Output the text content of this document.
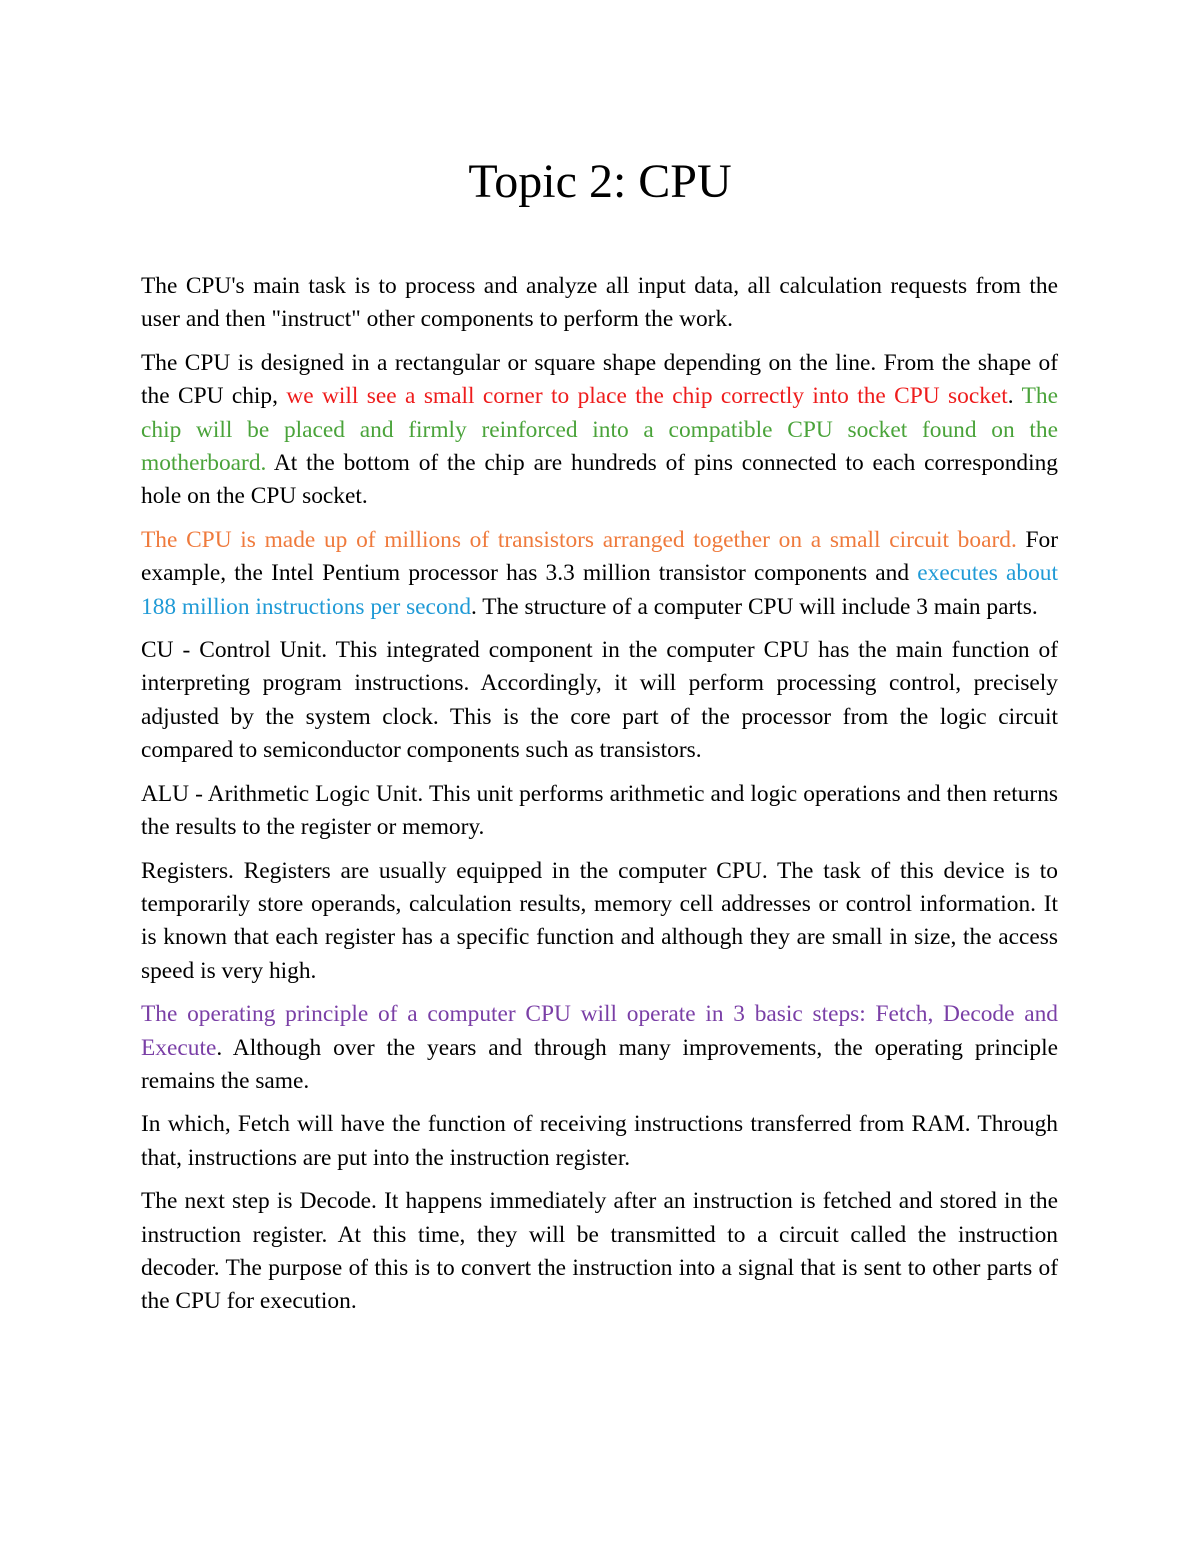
Topic 2: CPU

The CPU's main task is to process and analyze all input data, all calculation requests from the user and then "instruct" other components to perform the work.

The CPU is designed in a rectangular or square shape depending on the line. From the shape of the CPU chip, we will see a small corner to place the chip correctly into the CPU socket. The chip will be placed and firmly reinforced into a compatible CPU socket found on the motherboard. At the bottom of the chip are hundreds of pins connected to each corresponding hole on the CPU socket.

The CPU is made up of millions of transistors arranged together on a small circuit board. For example, the Intel Pentium processor has 3.3 million transistor components and executes about 188 million instructions per second. The structure of a computer CPU will include 3 main parts.

CU - Control Unit. This integrated component in the computer CPU has the main function of interpreting program instructions. Accordingly, it will perform processing control, precisely adjusted by the system clock. This is the core part of the processor from the logic circuit compared to semiconductor components such as transistors.

ALU - Arithmetic Logic Unit. This unit performs arithmetic and logic operations and then returns the results to the register or memory.

Registers. Registers are usually equipped in the computer CPU. The task of this device is to temporarily store operands, calculation results, memory cell addresses or control information. It is known that each register has a specific function and although they are small in size, the access speed is very high.

The operating principle of a computer CPU will operate in 3 basic steps: Fetch, Decode and Execute. Although over the years and through many improvements, the operating principle remains the same.

In which, Fetch will have the function of receiving instructions transferred from RAM. Through that, instructions are put into the instruction register.

The next step is Decode. It happens immediately after an instruction is fetched and stored in the instruction register. At this time, they will be transmitted to a circuit called the instruction decoder. The purpose of this is to convert the instruction into a signal that is sent to other parts of the CPU for execution.
